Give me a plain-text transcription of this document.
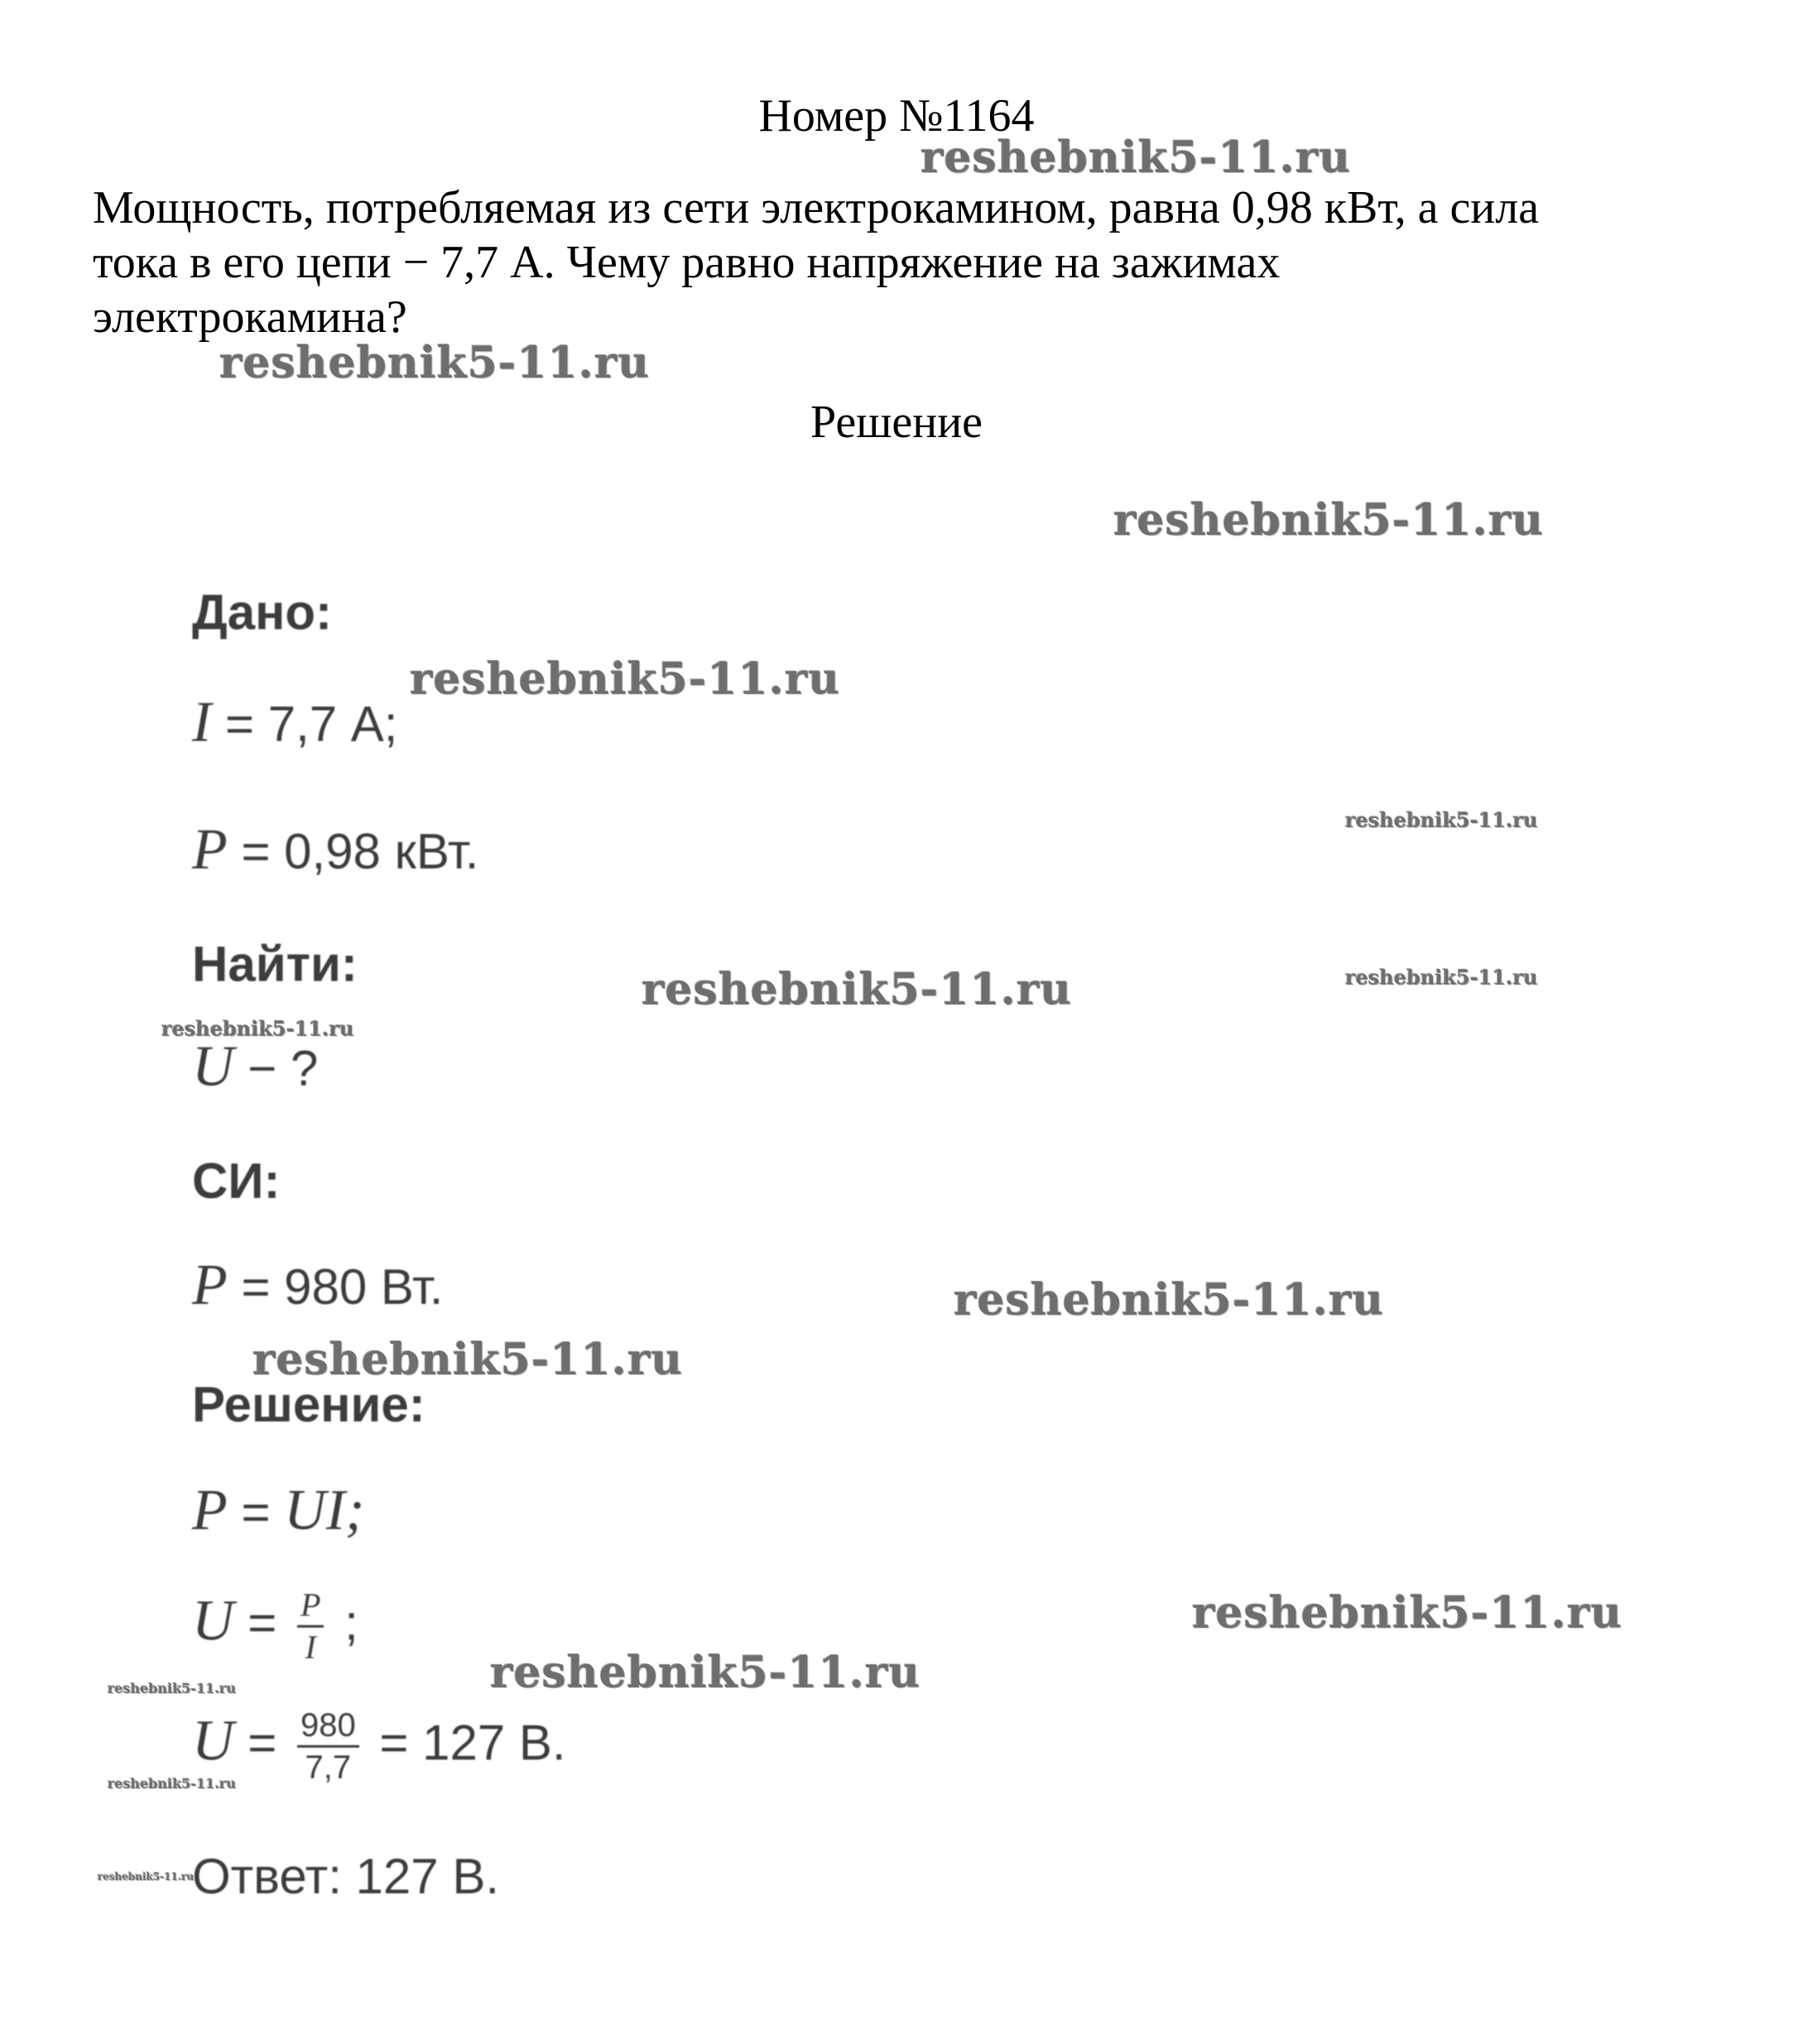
Номер №1164
Мощность, потребляемая из сети электрокамином, равна 0,98 кВт, а сила
тока в его цепи − 7,7 А. Чему равно напряжение на зажимах
электрокамина?
Решение
Дано:
I = 7,7 А;
P = 0,98 кВт.
Найти:
U − ?
СИ:
P = 980 Вт.
Решение:
P = UI;
$U = \frac{P}{I}$ ;
$U = \frac{980}{7,7} = 127$ В.
Ответ: 127 В.
reshebnik5-11.ru
reshebnik5-11.ru
reshebnik5-11.ru
reshebnik5-11.ru
reshebnik5-11.ru
reshebnik5-11.ru	reshebnik5-11.ru
reshebnik5-11.ru
reshebnik5-11.ru
reshebnik5-11.ru
reshebnik5-11.ru
reshebnik5-11.ru
reshebnik5-11.ru
reshebnik5-11.ru
reshebnik5-11.ru
